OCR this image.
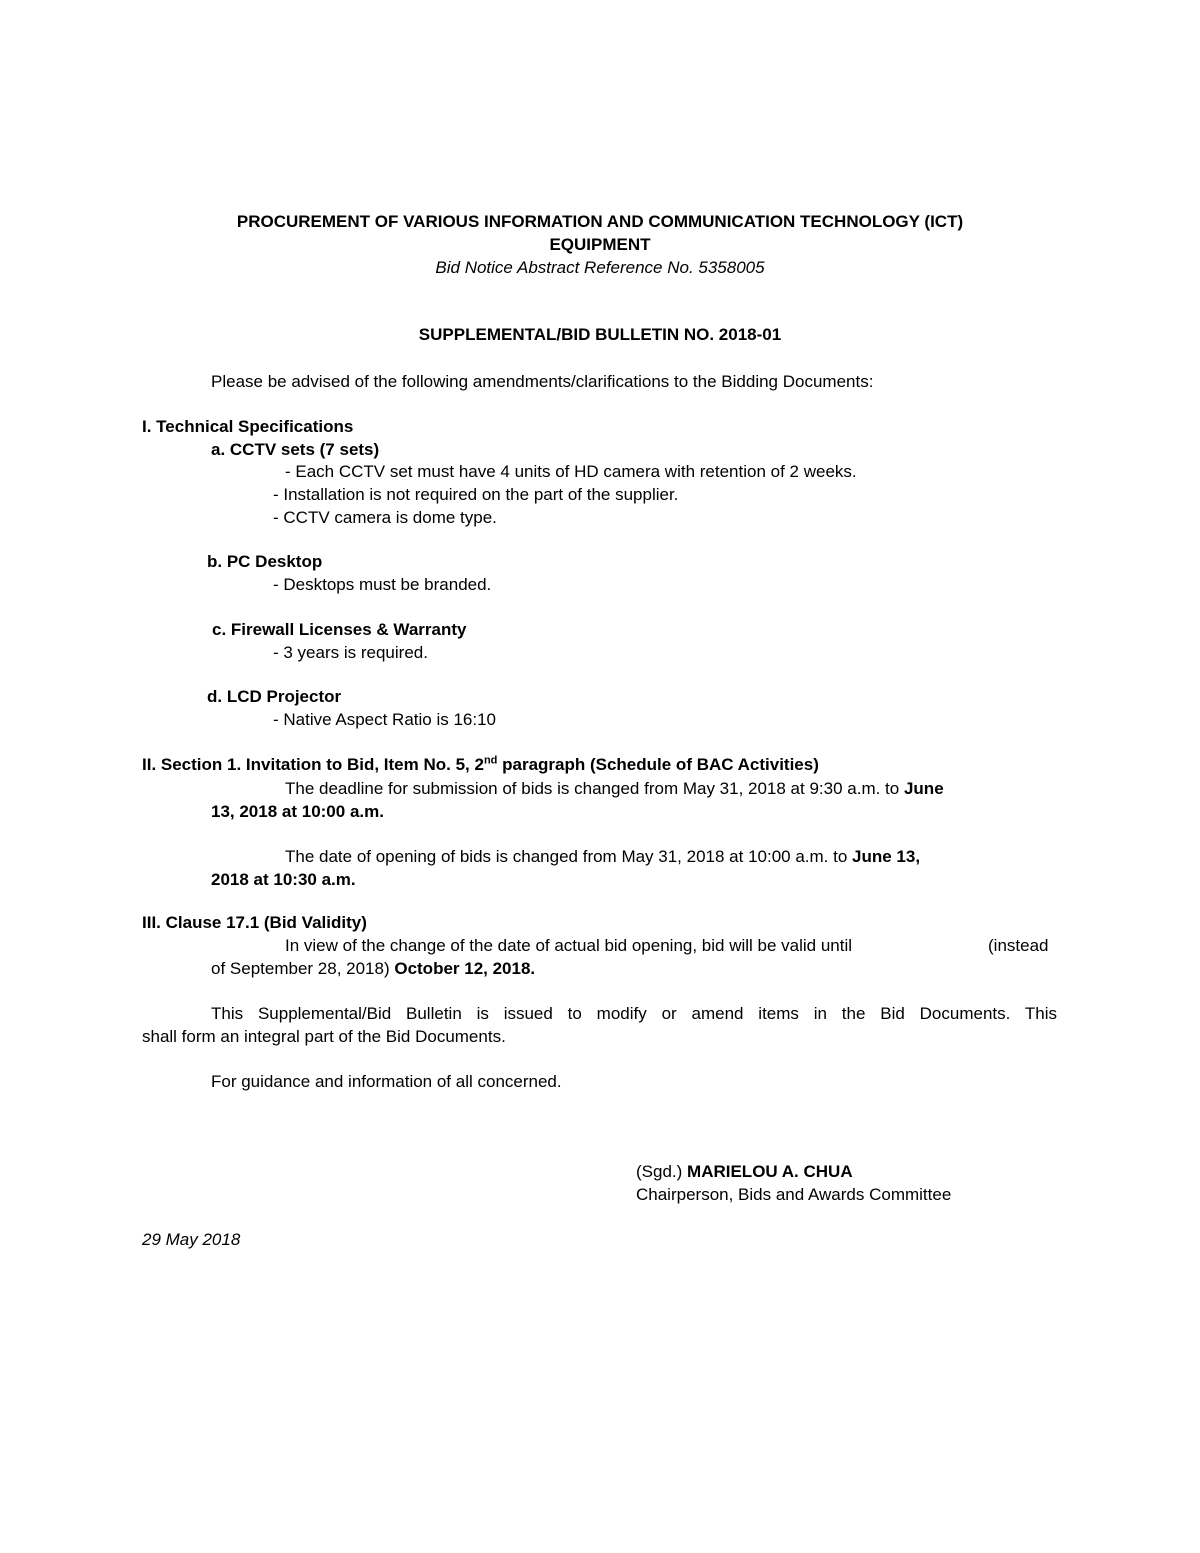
PROCUREMENT OF VARIOUS INFORMATION AND COMMUNICATION TECHNOLOGY (ICT)
EQUIPMENT
Bid Notice Abstract Reference No. 5358005
SUPPLEMENTAL/BID BULLETIN NO. 2018-01
Please be advised of the following amendments/clarifications to the Bidding Documents:
I. Technical Specifications
a. CCTV sets (7 sets)
- Each CCTV set must have 4 units of HD camera with retention of 2 weeks.
- Installation is not required on the part of the supplier.
- CCTV camera is dome type.
b. PC Desktop
- Desktops must be branded.
c. Firewall Licenses & Warranty
- 3 years is required.
d. LCD Projector
- Native Aspect Ratio is 16:10
II. Section 1. Invitation to Bid, Item No. 5, 2nd paragraph (Schedule of BAC Activities)
The deadline for submission of bids is changed from May 31, 2018 at 9:30 a.m. to June
13, 2018 at 10:00 a.m.
The date of opening of bids is changed from May 31, 2018 at 10:00 a.m. to June 13,
2018 at 10:30 a.m.
III. Clause 17.1 (Bid Validity)
In view of the change of the date of actual bid opening, bid will be valid until	(instead
of September 28, 2018) October 12, 2018.
This Supplemental/Bid Bulletin is issued to modify or amend items in the Bid Documents. This
shall form an integral part of the Bid Documents.
For guidance and information of all concerned.
(Sgd.) MARIELOU A. CHUA
Chairperson, Bids and Awards Committee
29 May 2018
